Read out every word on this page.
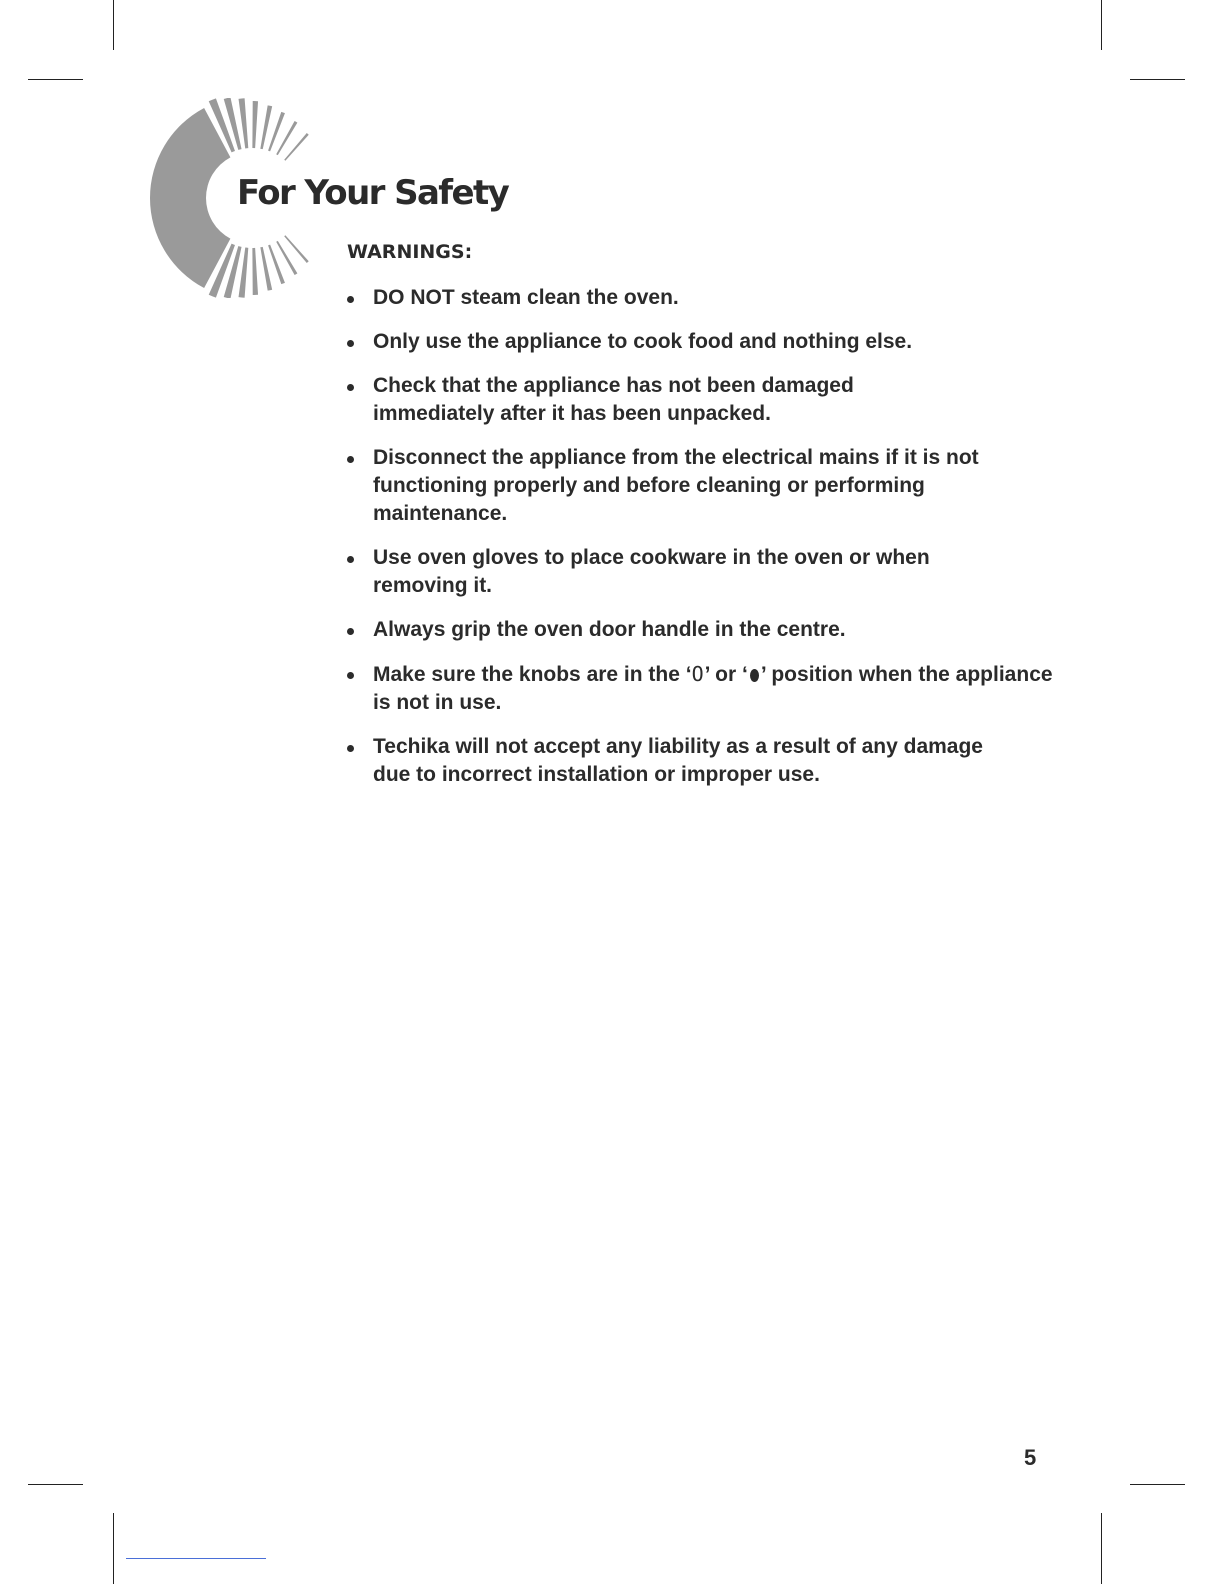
For Your Safety
WARNINGS:
DO NOT steam clean the oven.
Only use the appliance to cook food and nothing else.
Check that the appliance has not been damaged immediately after it has been unpacked.
Disconnect the appliance from the electrical mains if it is not functioning properly and before cleaning or performing maintenance.
Use oven gloves to place cookware in the oven or when removing it.
Always grip the oven door handle in the centre.
Make sure the knobs are in the ‘O’ or ‘ ’ position when the appliance is not in use.
Techika will not accept any liability as a result of any damage due to incorrect installation or improper use.
5
